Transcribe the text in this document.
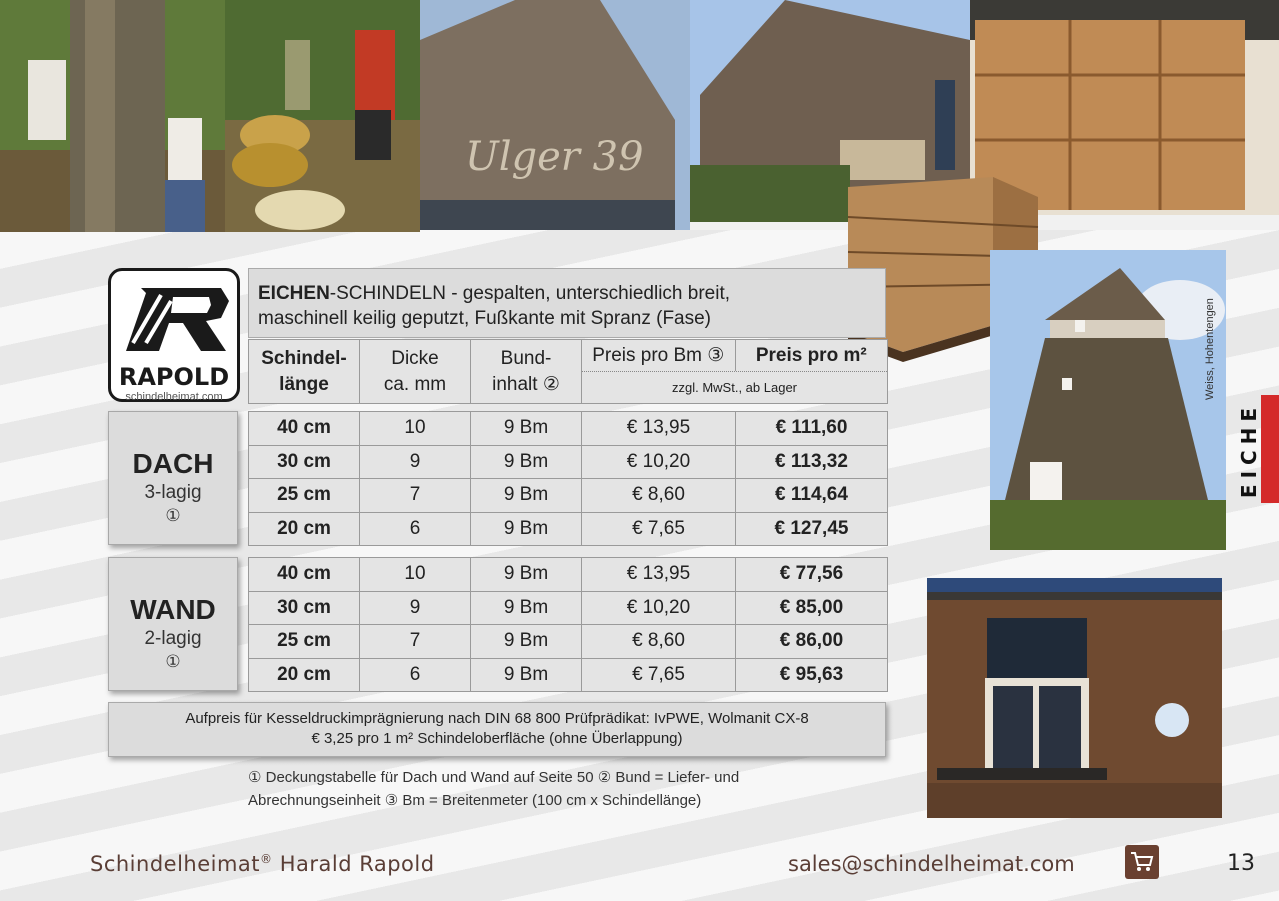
Ulger 39
RAPOLD
schindelheimat.com
EICHEN-SCHINDELN - gespalten, unterschiedlich breit,
maschinell keilig geputzt, Fußkante mit Spranz (Fase)
Schindel-
länge
Dicke
ca. mm
Bund-
inhalt ②
Preis pro Bm ③	Preis pro m²
zzgl. MwSt., ab Lager
DACH
3-lagig
①
40 cm	10	9 Bm	€ 13,95	€ 111,60
30 cm	9	9 Bm	€ 10,20	€ 113,32
25 cm	7	9 Bm	€ 8,60	€ 114,64
20 cm	6	9 Bm	€ 7,65	€ 127,45
WAND
2-lagig
①
40 cm	10	9 Bm	€ 13,95	€ 77,56
30 cm	9	9 Bm	€ 10,20	€ 85,00
25 cm	7	9 Bm	€ 8,60	€ 86,00
20 cm	6	9 Bm	€ 7,65	€ 95,63
Aufpreis für Kesseldruckimprägnierung nach DIN 68 800 Prüfprädikat: IvPWE, Wolmanit CX-8
€ 3,25 pro 1 m² Schindeloberfläche (ohne Überlappung)
① Deckungstabelle für Dach und Wand auf Seite 50 ② Bund = Liefer- und
Abrechnungseinheit ③ Bm = Breitenmeter (100 cm x Schindellänge)
EICHE
Schindelheimat® Harald Rapold	sales@schindelheimat.com	13
